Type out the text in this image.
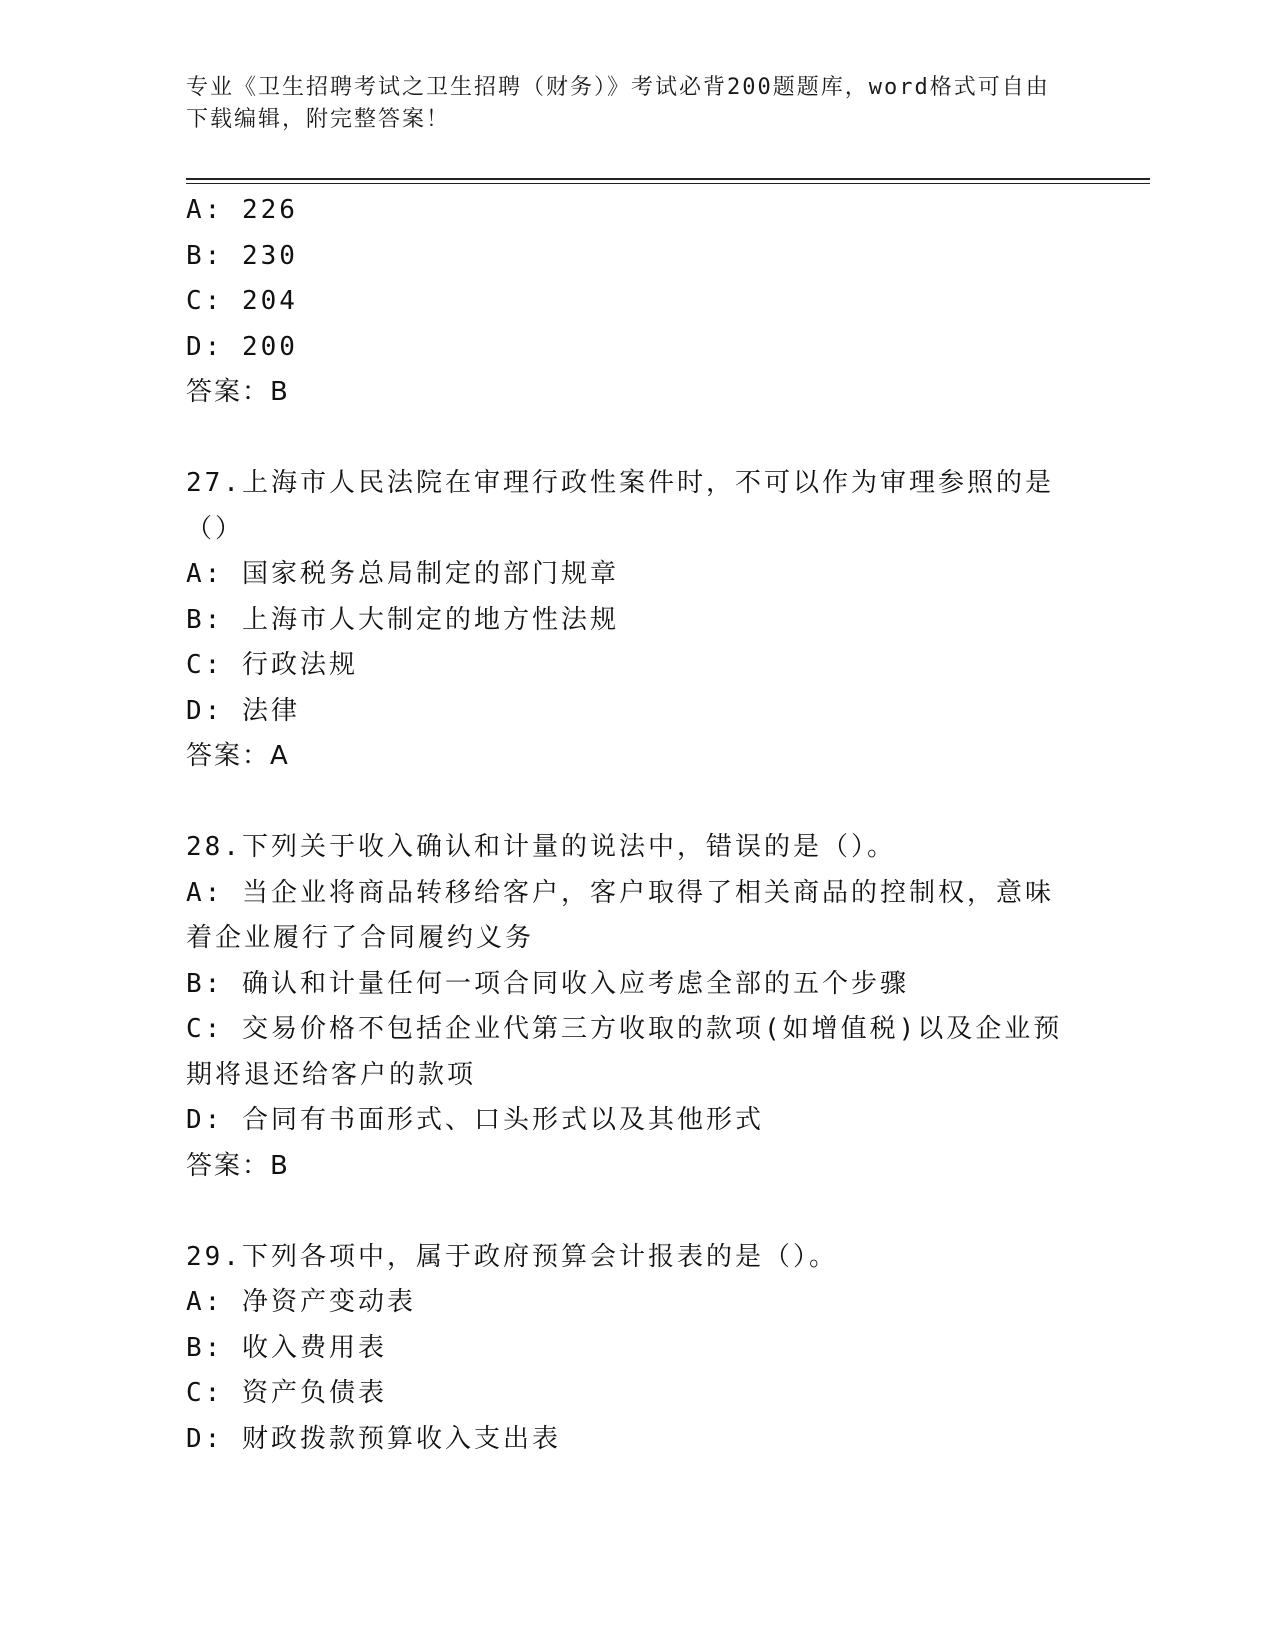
专业《卫生招聘考试之卫生招聘（财务）》考试必背200题题库，word格式可自由下载编辑，附完整答案！
A: 226
B: 230
C: 204
D: 200
答案：B
27.上海市人民法院在审理行政性案件时，不可以作为审理参照的是（）
A: 国家税务总局制定的部门规章
B: 上海市人大制定的地方性法规
C: 行政法规
D: 法律
答案：A
28.下列关于收入确认和计量的说法中，错误的是（）。
A: 当企业将商品转移给客户，客户取得了相关商品的控制权，意味着企业履行了合同履约义务
B: 确认和计量任何一项合同收入应考虑全部的五个步骤
C: 交易价格不包括企业代第三方收取的款项(如增值税)以及企业预期将退还给客户的款项
D: 合同有书面形式、口头形式以及其他形式
答案：B
29.下列各项中，属于政府预算会计报表的是（）。
A: 净资产变动表
B: 收入费用表
C: 资产负债表
D: 财政拨款预算收入支出表
